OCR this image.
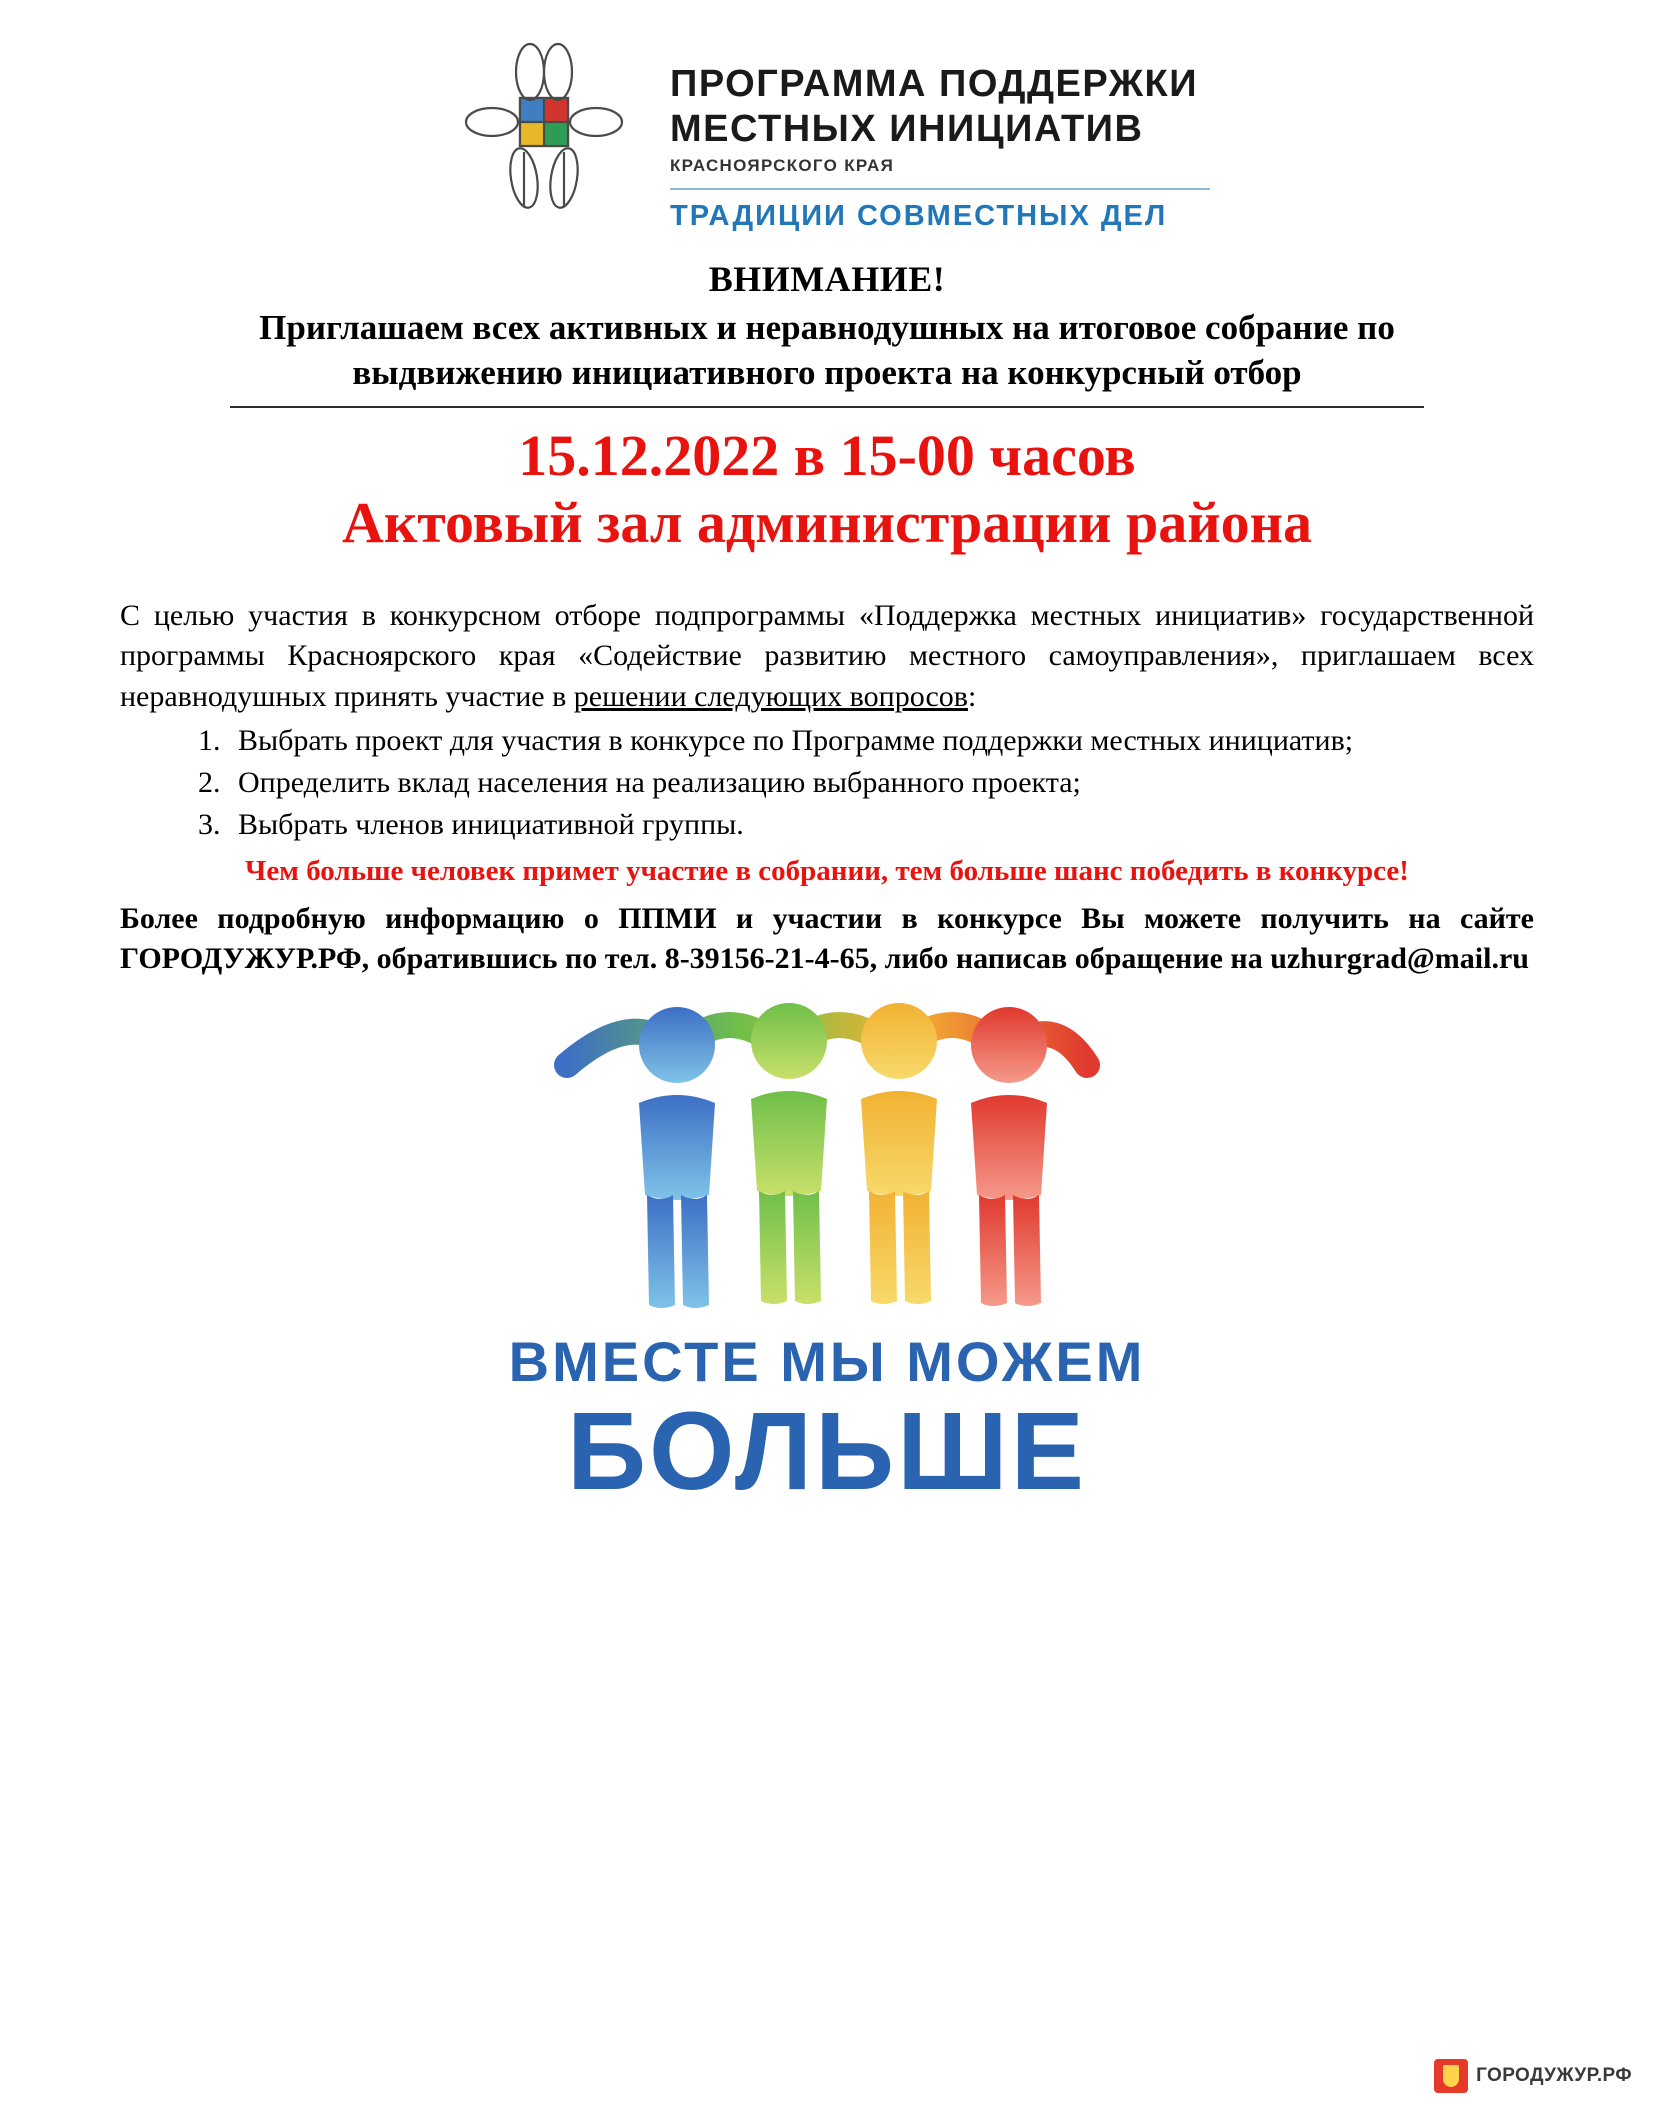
ПРОГРАММА ПОДДЕРЖКИ
МЕСТНЫХ ИНИЦИАТИВ
КРАСНОЯРСКОГО КРАЯ
ТРАДИЦИИ СОВМЕСТНЫХ ДЕЛ
ВНИМАНИЕ!
Приглашаем всех активных и неравнодушных на итоговое собрание по выдвижению инициативного проекта на конкурсный отбор
15.12.2022 в 15-00 часов
Актовый зал администрации района
С целью участия в конкурсном отборе подпрограммы «Поддержка местных инициатив» государственной программы Красноярского края «Содействие развитию местного самоуправления», приглашаем всех неравнодушных принять участие в решении следующих вопросов:
1. Выбрать проект для участия в конкурсе по Программе поддержки местных инициатив;
2. Определить вклад населения на реализацию выбранного проекта;
3. Выбрать членов инициативной группы.
Чем больше человек примет участие в собрании, тем больше шанс победить в конкурсе!
Более подробную информацию о ППМИ и участии в конкурсе Вы можете получить на сайте ГОРОДУЖУР.РФ, обратившись по тел. 8-39156-21-4-65, либо написав обращение на uzhurgrad@mail.ru
ВМЕСТЕ МЫ МОЖЕМ
БОЛЬШЕ
ГОРОДУЖУР.РФ
